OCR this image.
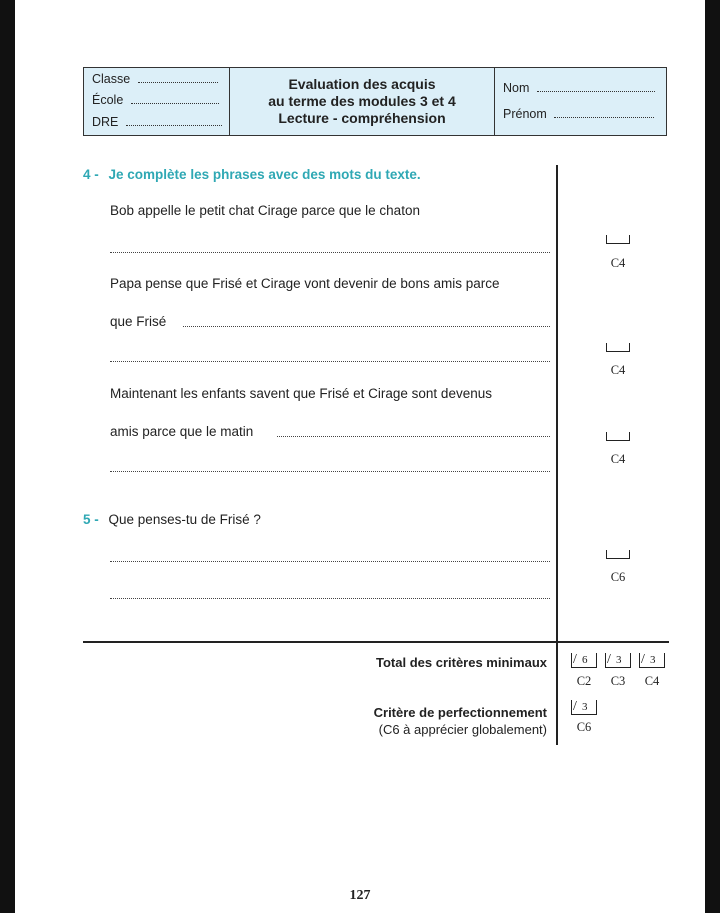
Classe
École
DRE
Evaluation des acquis
au terme des modules 3 et 4
Lecture - compréhension
Nom
Prénom
4 - Je complète les phrases avec des mots du texte.
Bob appelle le petit chat Cirage parce que le chaton
Papa pense que Frisé et Cirage vont devenir de bons amis parce
que Frisé
Maintenant les enfants savent que Frisé et Cirage sont devenus
amis parce que le matin
C4
C4
C4
5 - Que penses-tu de Frisé ?
C6
Total des critères minimaux / 6 / 3 / 3
C2	C3	C4
Critère de perfectionnement
(C6 à apprécier globalement)
/ 3
C6
127
